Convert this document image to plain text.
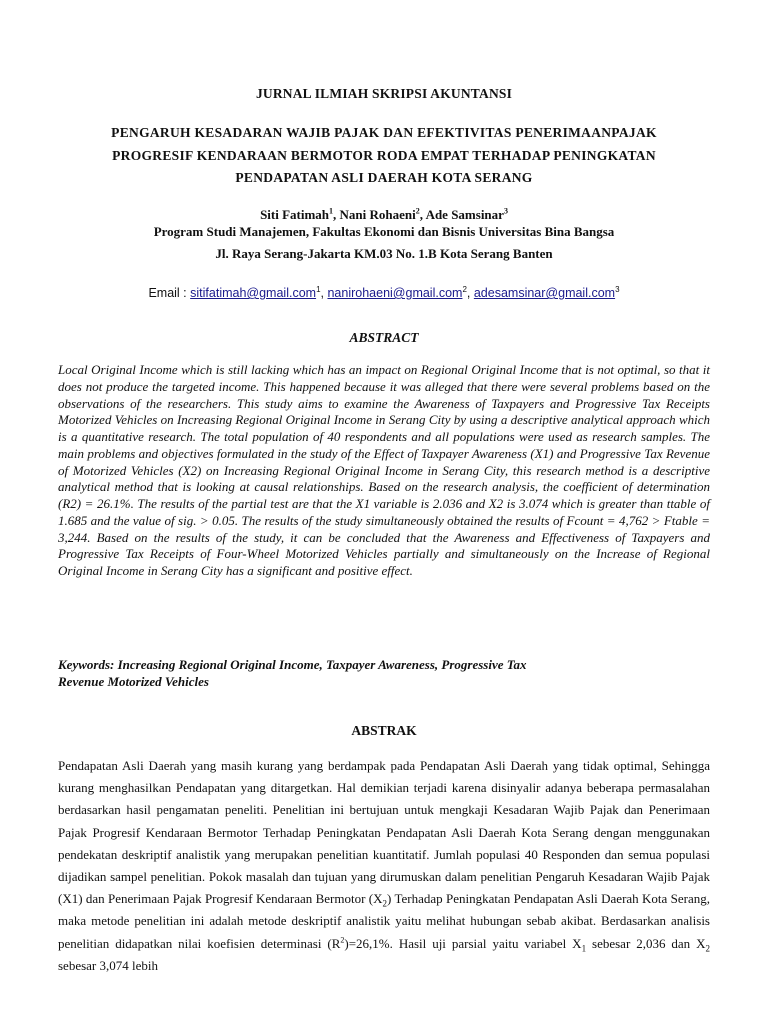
JURNAL ILMIAH SKRIPSI AKUNTANSI
PENGARUH KESADARAN WAJIB PAJAK DAN EFEKTIVITAS PENERIMAANPAJAK
PROGRESIF KENDARAAN BERMOTOR RODA EMPAT TERHADAP PENINGKATAN
PENDAPATAN ASLI DAERAH KOTA SERANG
Siti Fatimah$^1$, Nani Rohaeni$^2$, Ade Samsinar$^3$
Program Studi Manajemen, Fakultas Ekonomi dan Bisnis Universitas Bina Bangsa
Jl. Raya Serang-Jakarta KM.03 No. 1.B Kota Serang Banten
Email : sitifatimah@gmail.com$^1$, nanirohaeni@gmail.com$^2$, adesamsinar@gmail.com$^3$
ABSTRACT
Local Original Income which is still lacking which has an impact on Regional Original Income that is not optimal, so that it does not produce the targeted income. This happened because it was alleged that there were several problems based on the observations of the researchers. This study aims to examine the Awareness of Taxpayers and Progressive Tax Receipts Motorized Vehicles on Increasing Regional Original Income in Serang City by using a descriptive analytical approach which is a quantitative research. The total population of 40 respondents and all populations were used as research samples. The main problems and objectives formulated in the study of the Effect of Taxpayer Awareness (X1) and Progressive Tax Revenue of Motorized Vehicles (X2) on Increasing Regional Original Income in Serang City, this research method is a descriptive analytical method that is looking at causal relationships. Based on the research analysis, the coefficient of determination (R2) = 26.1%. The results of the partial test are that the X1 variable is 2.036 and X2 is 3.074 which is greater than ttable of 1.685 and the value of sig. > 0.05. The results of the study simultaneously obtained the results of Fcount = 4,762 > Ftable = 3,244. Based on the results of the study, it can be concluded that the Awareness and Effectiveness of Taxpayers and Progressive Tax Receipts of Four-Wheel Motorized Vehicles partially and simultaneously on the Increase of Regional Original Income in Serang City has a significant and positive effect.
Keywords: Increasing Regional Original Income, Taxpayer Awareness, Progressive Tax
Revenue Motorized Vehicles
ABSTRAK
Pendapatan Asli Daerah yang masih kurang yang berdampak pada Pendapatan Asli Daerah yang tidak optimal, Sehingga kurang menghasilkan Pendapatan yang ditargetkan. Hal demikian terjadi karena disinyalir adanya beberapa permasalahan berdasarkan hasil pengamatan peneliti. Penelitian ini bertujuan untuk mengkaji Kesadaran Wajib Pajak dan Penerimaan Pajak Progresif Kendaraan Bermotor Terhadap Peningkatan Pendapatan Asli Daerah Kota Serang dengan menggunakan pendekatan deskriptif analistik yang merupakan penelitian kuantitatif. Jumlah populasi 40 Responden dan semua populasi dijadikan sampel penelitian. Pokok masalah dan tujuan yang dirumuskan dalam penelitian Pengaruh Kesadaran Wajib Pajak (X1) dan Penerimaan Pajak Progresif Kendaraan Bermotor $(X_2)$ Terhadap Peningkatan Pendapatan Asli Daerah Kota Serang, maka metode penelitian ini adalah metode deskriptif analistik yaitu melihat hubungan sebab akibat. Berdasarkan analisis penelitian didapatkan nilai koefisien determinasi $(R^2)=26,1\%$. Hasil uji parsial yaitu variabel $X_1$ sebesar 2,036 dan $X_2$ sebesar 3,074 lebih
